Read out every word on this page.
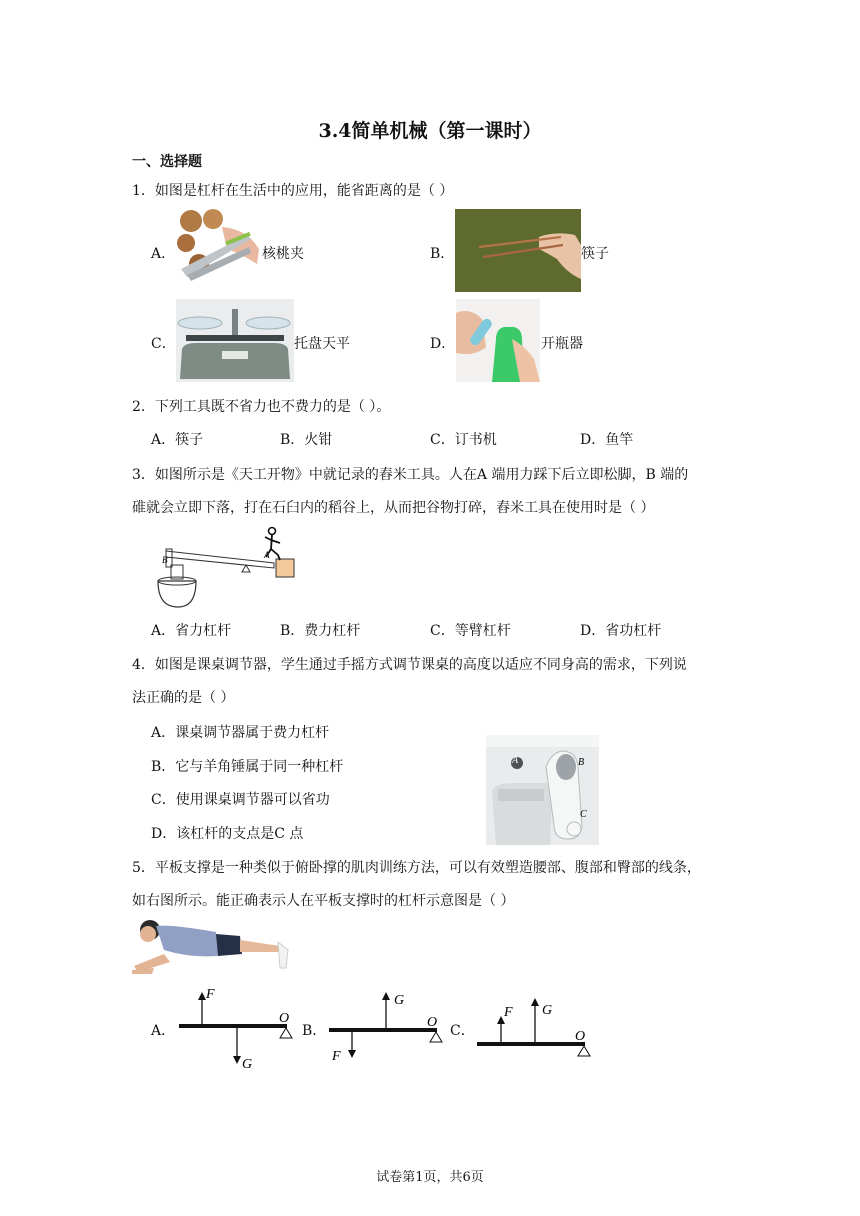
3.4简单机械（第一课时）
一、选择题
1．如图是杠杆在生活中的应用，能省距离的是（ ）
A．	核桃夹	B．	筷子
C．	托盘天平	D．	开瓶器
2．下列工具既不省力也不费力的是（ ）。
A．筷子	B．火钳	C．订书机	D．鱼竿
3．如图所示是《天工开物》中就记录的舂米工具。人在A 端用力踩下后立即松脚，B 端的
碓就会立即下落，打在石臼内的稻谷上，从而把谷物打碎，舂米工具在使用时是（ ）
B	A
A．省力杠杆	B．费力杠杆	C．等臂杠杆	D．省功杠杆
4．如图是课桌调节器，学生通过手摇方式调节课桌的高度以适应不同身高的需求，下列说
法正确的是（ ）
A．课桌调节器属于费力杠杆
B．它与羊角锤属于同一种杠杆
C．使用课桌调节器可以省功
D．该杠杆的支点是C 点
A	B
C
5．平板支撑是一种类似于俯卧撑的肌肉训练方法，可以有效塑造腰部、腹部和臀部的线条，
如右图所示。能正确表示人在平板支撑时的杠杆示意图是（ ）
A．
F
G
O
B．
G
F
O
C．
F G
O
试卷第1页，共6页
